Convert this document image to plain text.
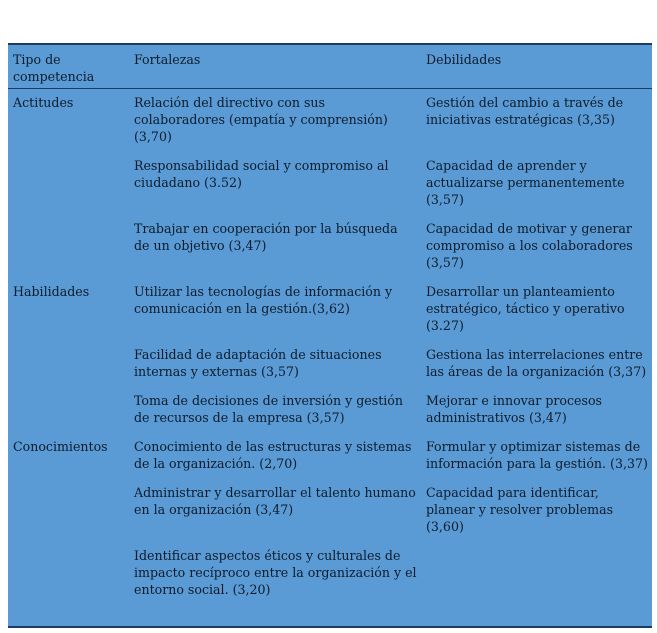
Tipo de competencia	Fortalezas	Debilidades
Actitudes	Relación del directivo con sus colaboradores (empatía y comprensión) (3,70)	Gestión del cambio a través de iniciativas estratégicas (3,35)
	Responsabilidad social y compromiso al ciudadano (3.52)	Capacidad de aprender y actualizarse permanentemente (3,57)
	Trabajar en cooperación por la búsqueda de un objetivo (3,47)	Capacidad de motivar y generar compromiso a los colaboradores (3,57)
Habilidades	Utilizar las tecnologías de información y comunicación en la gestión.(3,62)	Desarrollar un planteamiento estratégico, táctico y operativo (3.27)
	Facilidad de adaptación de situaciones internas y externas (3,57)	Gestiona las interrelaciones entre las áreas de la organización (3,37)
	Toma de decisiones de inversión y gestión de recursos de la empresa (3,57)	Mejorar e innovar procesos administrativos (3,47)
Conocimientos	Conocimiento de las estructuras y sistemas de la organización. (2,70)	Formular y optimizar sistemas de información para la gestión. (3,37)
	Administrar y desarrollar el talento humano en la organización (3,47)	Capacidad para identificar, planear y resolver problemas (3,60)
	Identificar aspectos éticos y culturales de impacto recíproco entre la organización y el entorno social. (3,20)	
